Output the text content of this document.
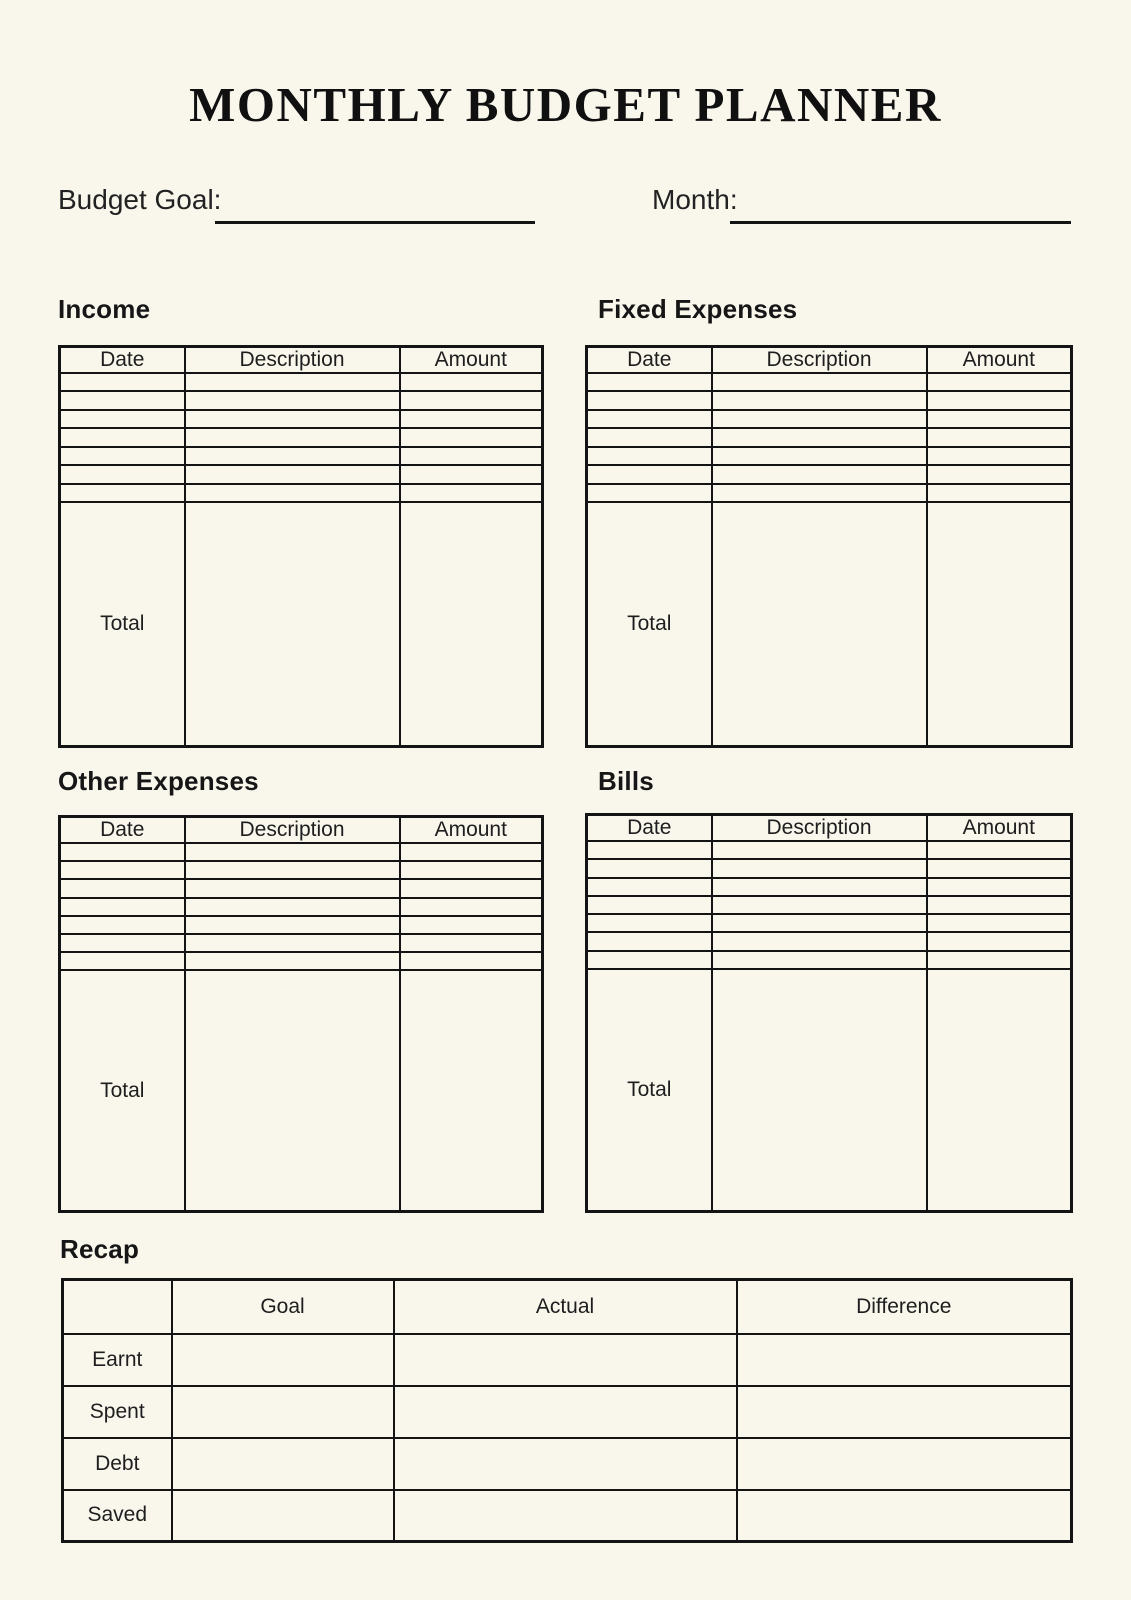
MONTHLY BUDGET PLANNER
Budget Goal:	Month:
Income	Fixed Expenses
Other Expenses	Bills
Recap
Date	Description	Amount

Total		
Date	Description	Amount

Total		
Date	Description	Amount

Total		
Date	Description	Amount

Total		
	Goal	Actual	Difference
Earnt			
Spent			
Debt			
Saved			
